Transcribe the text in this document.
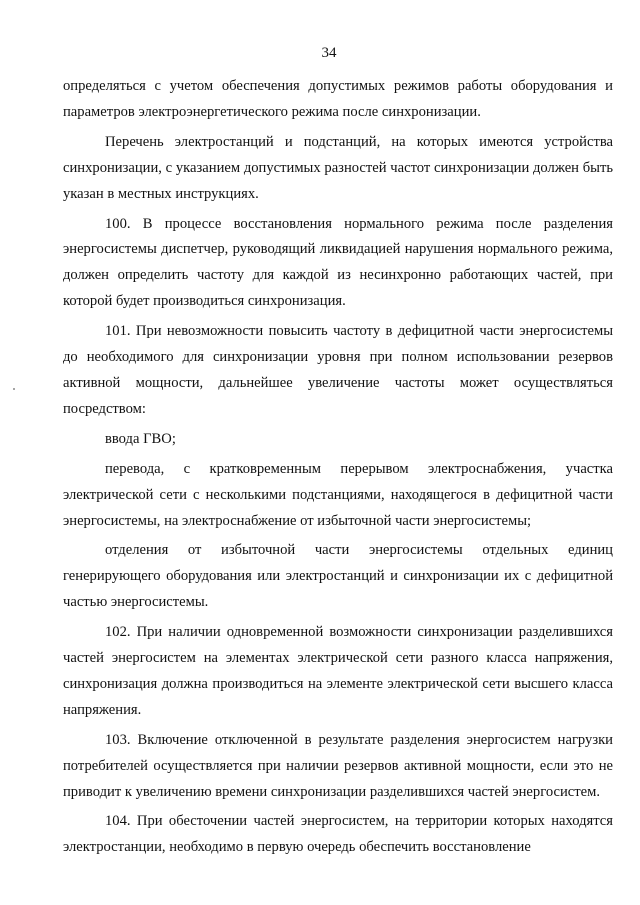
34

определяться с учетом обеспечения допустимых режимов работы оборудования и параметров электроэнергетического режима после синхронизации.

Перечень электростанций и подстанций, на которых имеются устройства синхронизации, с указанием допустимых разностей частот синхронизации должен быть указан в местных инструкциях.

100. В процессе восстановления нормального режима после разделения энергосистемы диспетчер, руководящий ликвидацией нарушения нормального режима, должен определить частоту для каждой из несинхронно работающих частей, при которой будет производиться синхронизация.

101. При невозможности повысить частоту в дефицитной части энергосистемы до необходимого для синхронизации уровня при полном использовании резервов активной мощности, дальнейшее увеличение частоты может осуществляться посредством:

ввода ГВО;

перевода, с кратковременным перерывом электроснабжения, участка электрической сети с несколькими подстанциями, находящегося в дефицитной части энергосистемы, на электроснабжение от избыточной части энергосистемы;

отделения от избыточной части энергосистемы отдельных единиц генерирующего оборудования или электростанций и синхронизации их с дефицитной частью энергосистемы.

102. При наличии одновременной возможности синхронизации разделившихся частей энергосистем на элементах электрической сети разного класса напряжения, синхронизация должна производиться на элементе электрической сети высшего класса напряжения.

103. Включение отключенной в результате разделения энергосистем нагрузки потребителей осуществляется при наличии резервов активной мощности, если это не приводит к увеличению времени синхронизации разделившихся частей энергосистем.

104. При обесточении частей энергосистем, на территории которых находятся электростанции, необходимо в первую очередь обеспечить восстановление
